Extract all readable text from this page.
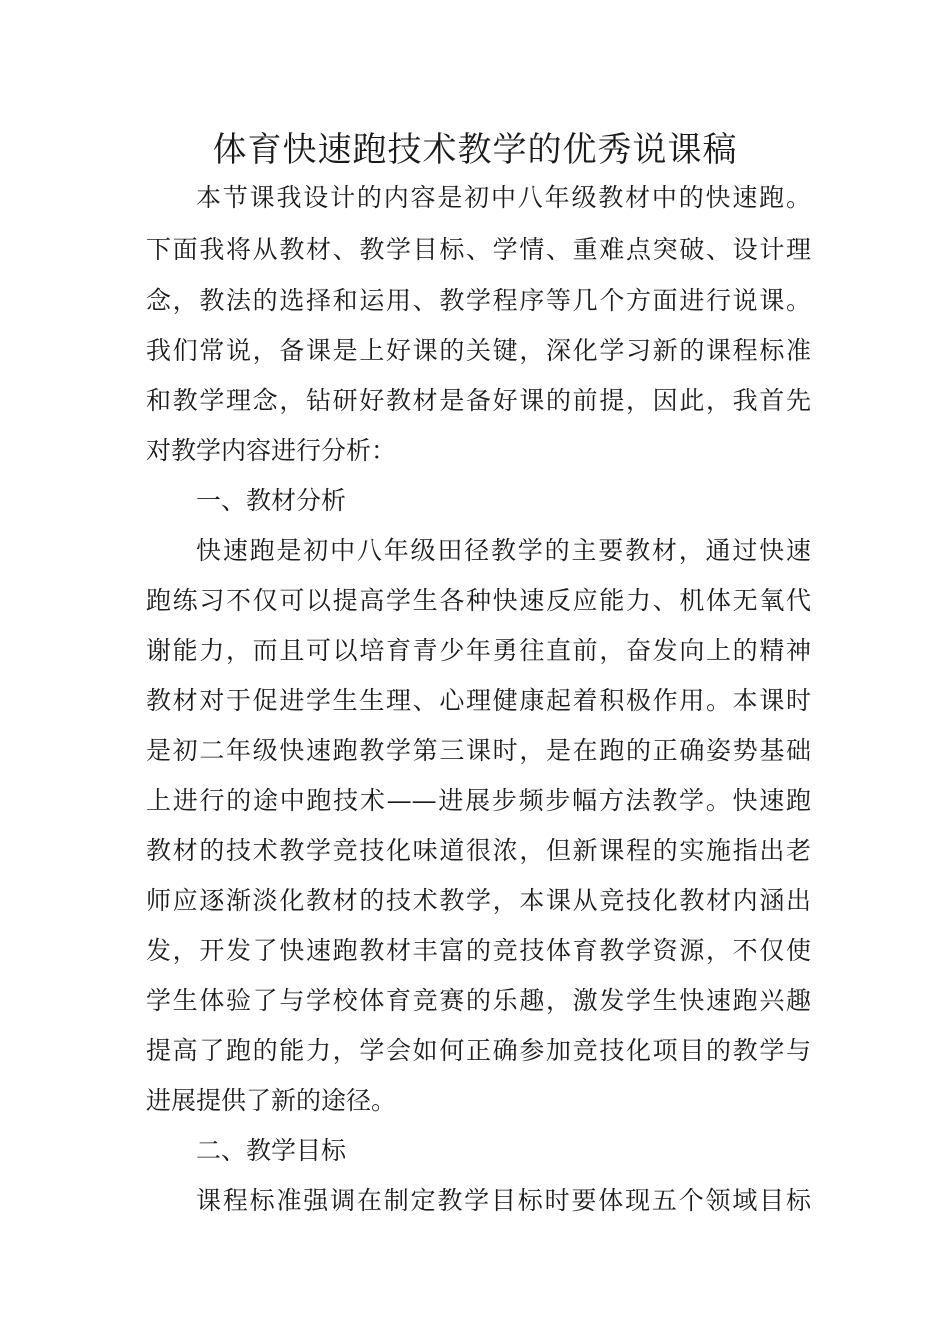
体育快速跑技术教学的优秀说课稿

本节课我设计的内容是初中八年级教材中的快速跑。

下面我将从教材、教学目标、学情、重难点突破、设计理

念，教法的选择和运用、教学程序等几个方面进行说课。

我们常说，备课是上好课的关键，深化学习新的课程标准

和教学理念，钻研好教材是备好课的前提，因此，我首先

对教学内容进行分析：

一、教材分析

快速跑是初中八年级田径教学的主要教材，通过快速

跑练习不仅可以提高学生各种快速反应能力、机体无氧代

谢能力，而且可以培育青少年勇往直前，奋发向上的精神

教材对于促进学生生理、心理健康起着积极作用。本课时

是初二年级快速跑教学第三课时，是在跑的正确姿势基础

上进行的途中跑技术——进展步频步幅方法教学。快速跑

教材的技术教学竞技化味道很浓，但新课程的实施指出老

师应逐渐淡化教材的技术教学，本课从竞技化教材内涵出

发，开发了快速跑教材丰富的竞技体育教学资源，不仅使

学生体验了与学校体育竞赛的乐趣，激发学生快速跑兴趣

提高了跑的能力，学会如何正确参加竞技化项目的教学与

进展提供了新的途径。

二、教学目标

课程标准强调在制定教学目标时要体现五个领域目标
